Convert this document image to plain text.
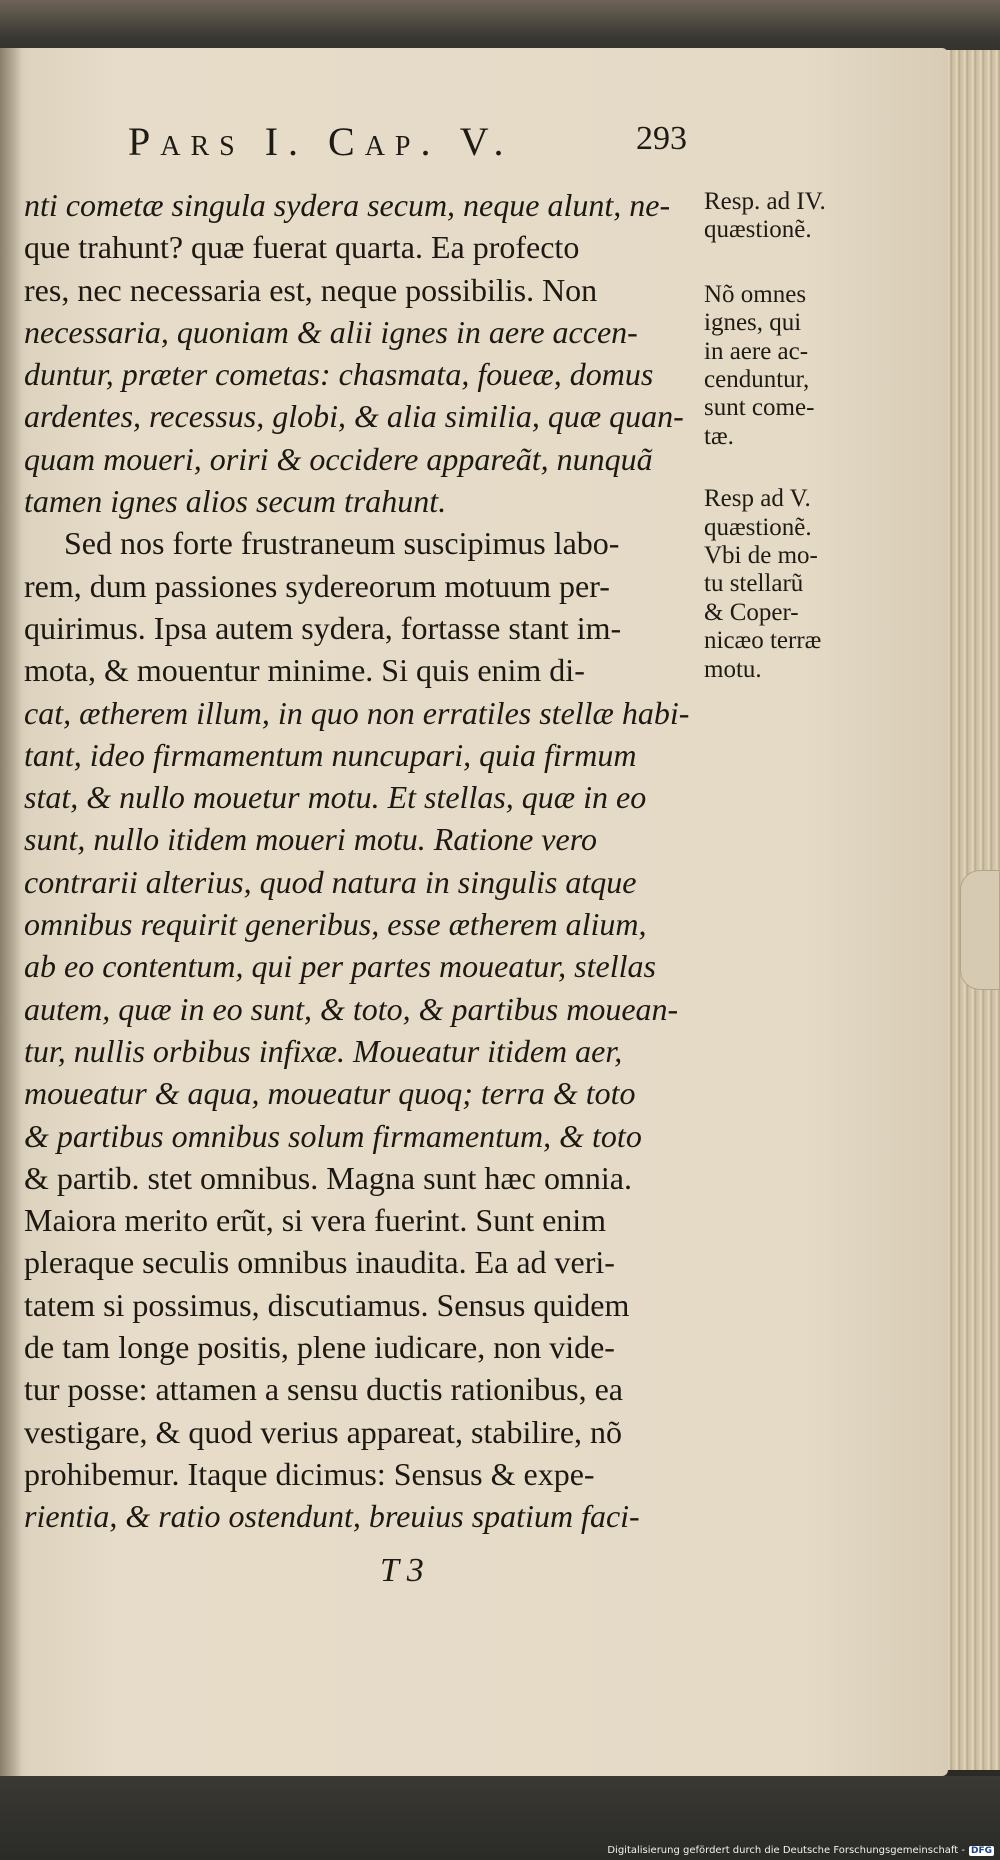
Pars I. Cap. V.	293
nti cometæ singula sydera secum, neque alunt, ne-
que trahunt? quæ fuerat quarta. Ea profecto
res, nec necessaria est, neque possibilis. Non
necessaria, quoniam & alii ignes in aere accen-
duntur, præter cometas: chasmata, foueæ, domus
ardentes, recessus, globi, & alia similia, quæ quan-
quam moueri, oriri & occidere appareãt, nunquã
tamen ignes alios secum trahunt.
Sed nos forte frustraneum suscipimus labo-
rem, dum passiones sydereorum motuum per-
quirimus. Ipsa autem sydera, fortasse stant im-
mota, & mouentur minime. Si quis enim di-
cat, ætherem illum, in quo non erratiles stellæ habi-
tant, ideo firmamentum nuncupari, quia firmum
stat, & nullo mouetur motu. Et stellas, quæ in eo
sunt, nullo itidem moueri motu. Ratione vero
contrarii alterius, quod natura in singulis atque
omnibus requirit generibus, esse ætherem alium,
ab eo contentum, qui per partes moueatur, stellas
autem, quæ in eo sunt, & toto, & partibus mouean-
tur, nullis orbibus infixæ. Moueatur itidem aer,
moueatur & aqua, moueatur quoq; terra & toto
& partibus omnibus solum firmamentum, & toto
& partib. stet omnibus. Magna sunt hæc omnia.
Maiora merito erũt, si vera fuerint. Sunt enim
pleraque seculis omnibus inaudita. Ea ad veri-
tatem si possimus, discutiamus. Sensus quidem
de tam longe positis, plene iudicare, non vide-
tur posse: attamen a sensu ductis rationibus, ea
vestigare, & quod verius appareat, stabilire, nõ
prohibemur. Itaque dicimus: Sensus & expe-
rientia, & ratio ostendunt, breuius spatium faci-
Resp. ad IV.
quæstionẽ.
Nõ omnes
ignes, qui
in aere ac-
cenduntur,
sunt come-
tæ.
Resp ad V.
quæstionẽ.
Vbi de mo-
tu stellarũ
& Coper-
nicæo terræ
motu.
T 3
Digitalisierung gefördert durch die Deutsche Forschungsgemeinschaft - DFG
